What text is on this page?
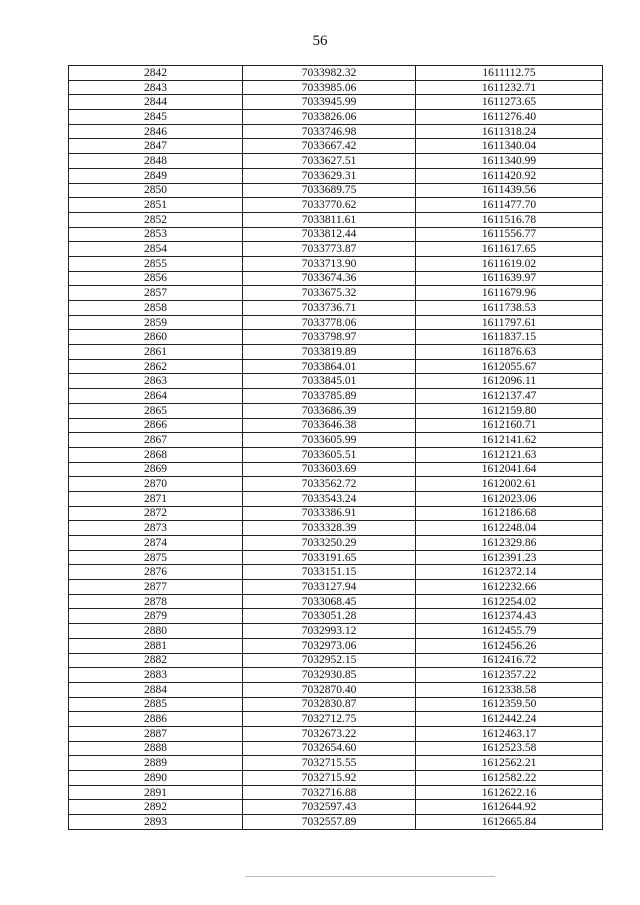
56
2842	7033982.32	1611112.75
2843	7033985.06	1611232.71
2844	7033945.99	1611273.65
2845	7033826.06	1611276.40
2846	7033746.98	1611318.24
2847	7033667.42	1611340.04
2848	7033627.51	1611340.99
2849	7033629.31	1611420.92
2850	7033689.75	1611439.56
2851	7033770.62	1611477.70
2852	7033811.61	1611516.78
2853	7033812.44	1611556.77
2854	7033773.87	1611617.65
2855	7033713.90	1611619.02
2856	7033674.36	1611639.97
2857	7033675.32	1611679.96
2858	7033736.71	1611738.53
2859	7033778.06	1611797.61
2860	7033798.97	1611837.15
2861	7033819.89	1611876.63
2862	7033864.01	1612055.67
2863	7033845.01	1612096.11
2864	7033785.89	1612137.47
2865	7033686.39	1612159.80
2866	7033646.38	1612160.71
2867	7033605.99	1612141.62
2868	7033605.51	1612121.63
2869	7033603.69	1612041.64
2870	7033562.72	1612002.61
2871	7033543.24	1612023.06
2872	7033386.91	1612186.68
2873	7033328.39	1612248.04
2874	7033250.29	1612329.86
2875	7033191.65	1612391.23
2876	7033151.15	1612372.14
2877	7033127.94	1612232.66
2878	7033068.45	1612254.02
2879	7033051.28	1612374.43
2880	7032993.12	1612455.79
2881	7032973.06	1612456.26
2882	7032952.15	1612416.72
2883	7032930.85	1612357.22
2884	7032870.40	1612338.58
2885	7032830.87	1612359.50
2886	7032712.75	1612442.24
2887	7032673.22	1612463.17
2888	7032654.60	1612523.58
2889	7032715.55	1612562.21
2890	7032715.92	1612582.22
2891	7032716.88	1612622.16
2892	7032597.43	1612644.92
2893	7032557.89	1612665.84
